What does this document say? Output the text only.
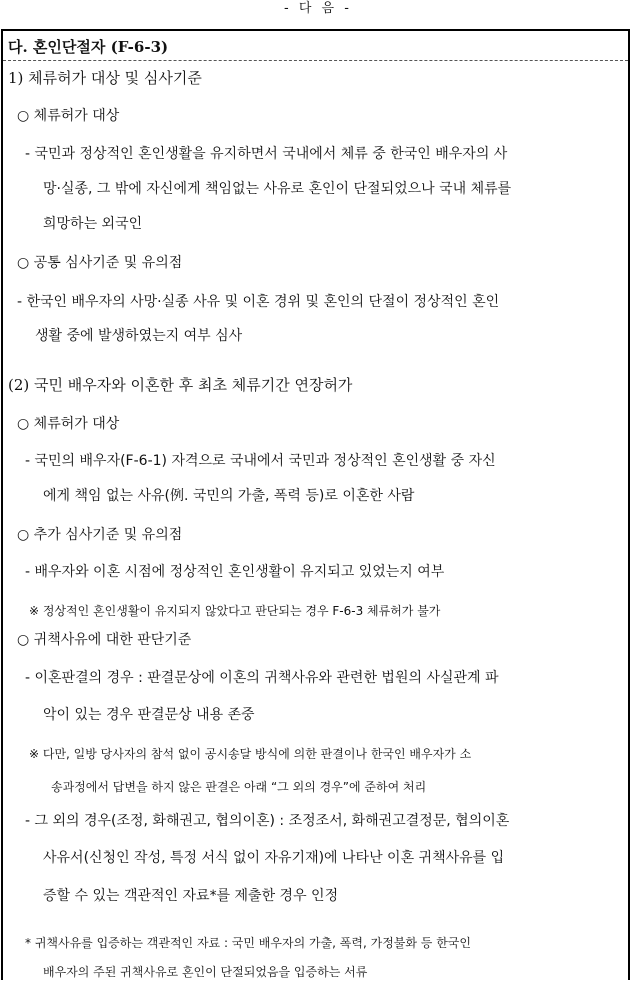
- 다 음 -
다. 혼인단절자 (F-6-3)
1) 체류허가 대상 및 심사기준
○ 체류허가 대상
- 국민과 정상적인 혼인생활을 유지하면서 국내에서 체류 중 한국인 배우자의 사
망·실종, 그 밖에 자신에게 책임없는 사유로 혼인이 단절되었으나 국내 체류를
희망하는 외국인
○ 공통 심사기준 및 유의점
- 한국인 배우자의 사망·실종 사유 및 이혼 경위 및 혼인의 단절이 정상적인 혼인
생활 중에 발생하였는지 여부 심사
(2) 국민 배우자와 이혼한 후 최초 체류기간 연장허가
○ 체류허가 대상
- 국민의 배우자(F-6-1) 자격으로 국내에서 국민과 정상적인 혼인생활 중 자신
에게 책임 없는 사유(例. 국민의 가출, 폭력 등)로 이혼한 사람
○ 추가 심사기준 및 유의점
- 배우자와 이혼 시점에 정상적인 혼인생활이 유지되고 있었는지 여부
※ 정상적인 혼인생활이 유지되지 않았다고 판단되는 경우 F-6-3 체류허가 불가
○ 귀책사유에 대한 판단기준
- 이혼판결의 경우 : 판결문상에 이혼의 귀책사유와 관련한 법원의 사실관계 파
악이 있는 경우 판결문상 내용 존중
※ 다만, 일방 당사자의 참석 없이 공시송달 방식에 의한 판결이나 한국인 배우자가 소
송과정에서 답변을 하지 않은 판결은 아래 “그 외의 경우”에 준하여 처리
- 그 외의 경우(조정, 화해권고, 협의이혼) : 조정조서, 화해권고결정문, 협의이혼
사유서(신청인 작성, 특정 서식 없이 자유기재)에 나타난 이혼 귀책사유를 입
증할 수 있는 객관적인 자료*를 제출한 경우 인정
* 귀책사유를 입증하는 객관적인 자료 : 국민 배우자의 가출, 폭력, 가정불화 등 한국인
배우자의 주된 귀책사유로 혼인이 단절되었음을 입증하는 서류
